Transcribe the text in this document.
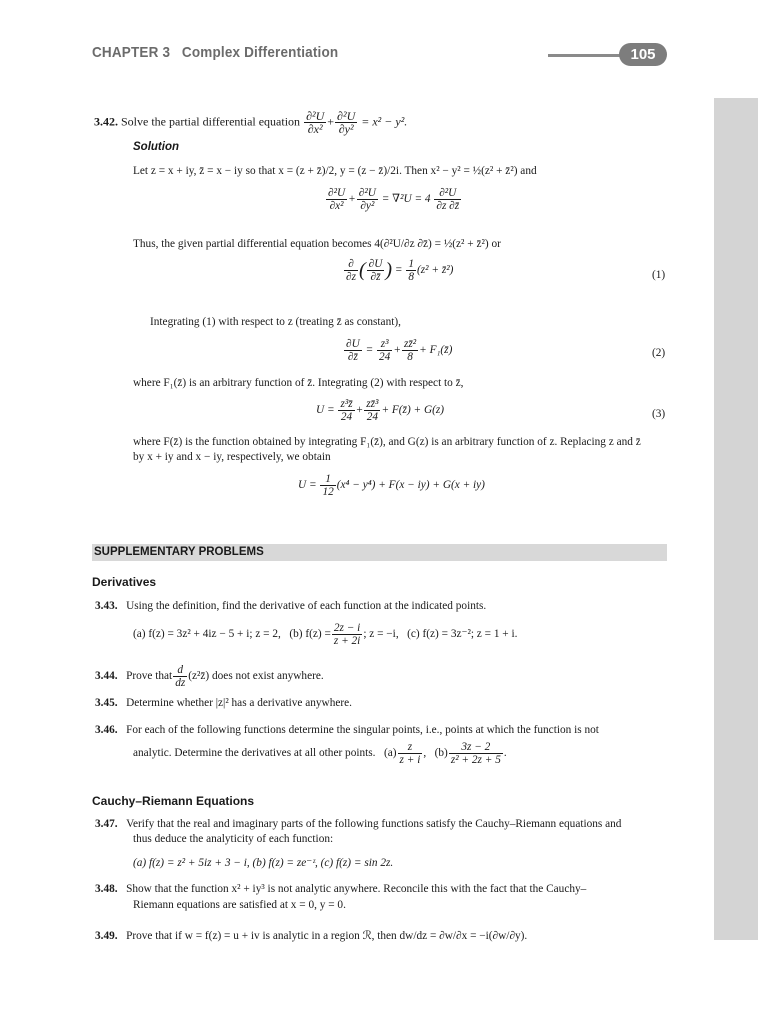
CHAPTER 3 Complex Differentiation	105
3.42. Solve the partial differential equation $\frac{\text{∂²U}}{\text{∂x²}} + \frac{\text{∂²U}}{\text{∂y²}} = x^2 - y^2$.
Solution
Let z = x + iy, z̄ = x − iy so that x = (z + z̄)/2, y = (z − z̄)/2i. Then x² − y² = ½(z² + z̄²) and
$\frac{\text{∂²U}}{\text{∂x²}} + \frac{\text{∂²U}}{\text{∂y²}} = \nabla^2U = 4 \frac{\text{∂²U}}{\partial z \partial z̄}$
Thus, the given partial differential equation becomes 4(∂²U/∂z ∂z̄) = ½(z² + z̄²) or
$\frac{\partial}{\partial z}$ ( $\frac{\partial U}{\partial z̄}$ ) = $\frac{1}{8} (z^2$ + z̄²)	(1)
Integrating (1) with respect to z (treating z̄ as constant),
$\frac{\partial U}{\partial z̄} = \frac{\text{z³}}{24} + \frac{\text{zz̄²}}{8}$ + F₁(z̄)	(2)
where F₁(z̄) is an arbitrary function of z̄. Integrating (2) with respect to z̄,
$U = \frac{\text{z³z̄}}{24} + \frac{\text{zz̄³}}{24}$ + F(z̄) + G(z)	(3)
where F(z̄) is the function obtained by integrating F₁(z̄), and G(z) is an arbitrary function of z. Replacing z and z̄
by x + iy and x − iy, respectively, we obtain
$U = \frac{1}{12} (x^4 - y^4) + F(x - iy) + G(x + iy)$
SUPPLEMENTARY PROBLEMS
Derivatives
3.43. Using the definition, find the derivative of each function at the indicated points.
(a) f(z) = 3z² + 4iz − 5 + i; z = 2, (b) $f(z) = \frac{2z - i}{z + 2i}$ ; z = −i, (c) f(z) = 3z⁻²; z = 1 + i.
3.44. Prove that $\frac{d}{dz}$ (z²z̄) does not exist anywhere.
3.45. Determine whether |z|² has a derivative anywhere.
3.46. For each of the following functions determine the singular points, i.e., points at which the function is not
analytic. Determine the derivatives at all other points. $(a) \frac{z}{z + i}$ ,   $(b) \frac{3z - 2}{\text{z² + 2z + 5}}$ .
Cauchy–Riemann Equations
3.47. Verify that the real and imaginary parts of the following functions satisfy the Cauchy–Riemann equations and
thus deduce the analyticity of each function:
(a) f(z) = z² + 5iz + 3 − i, (b) f(z) = ze⁻ᶻ, (c) f(z) = sin 2z.
3.48. Show that the function x² + iy³ is not analytic anywhere. Reconcile this with the fact that the Cauchy–
Riemann equations are satisfied at x = 0, y = 0.
3.49. Prove that if w = f(z) = u + iv is analytic in a region ℛ, then dw/dz = ∂w/∂x = −i(∂w/∂y).
